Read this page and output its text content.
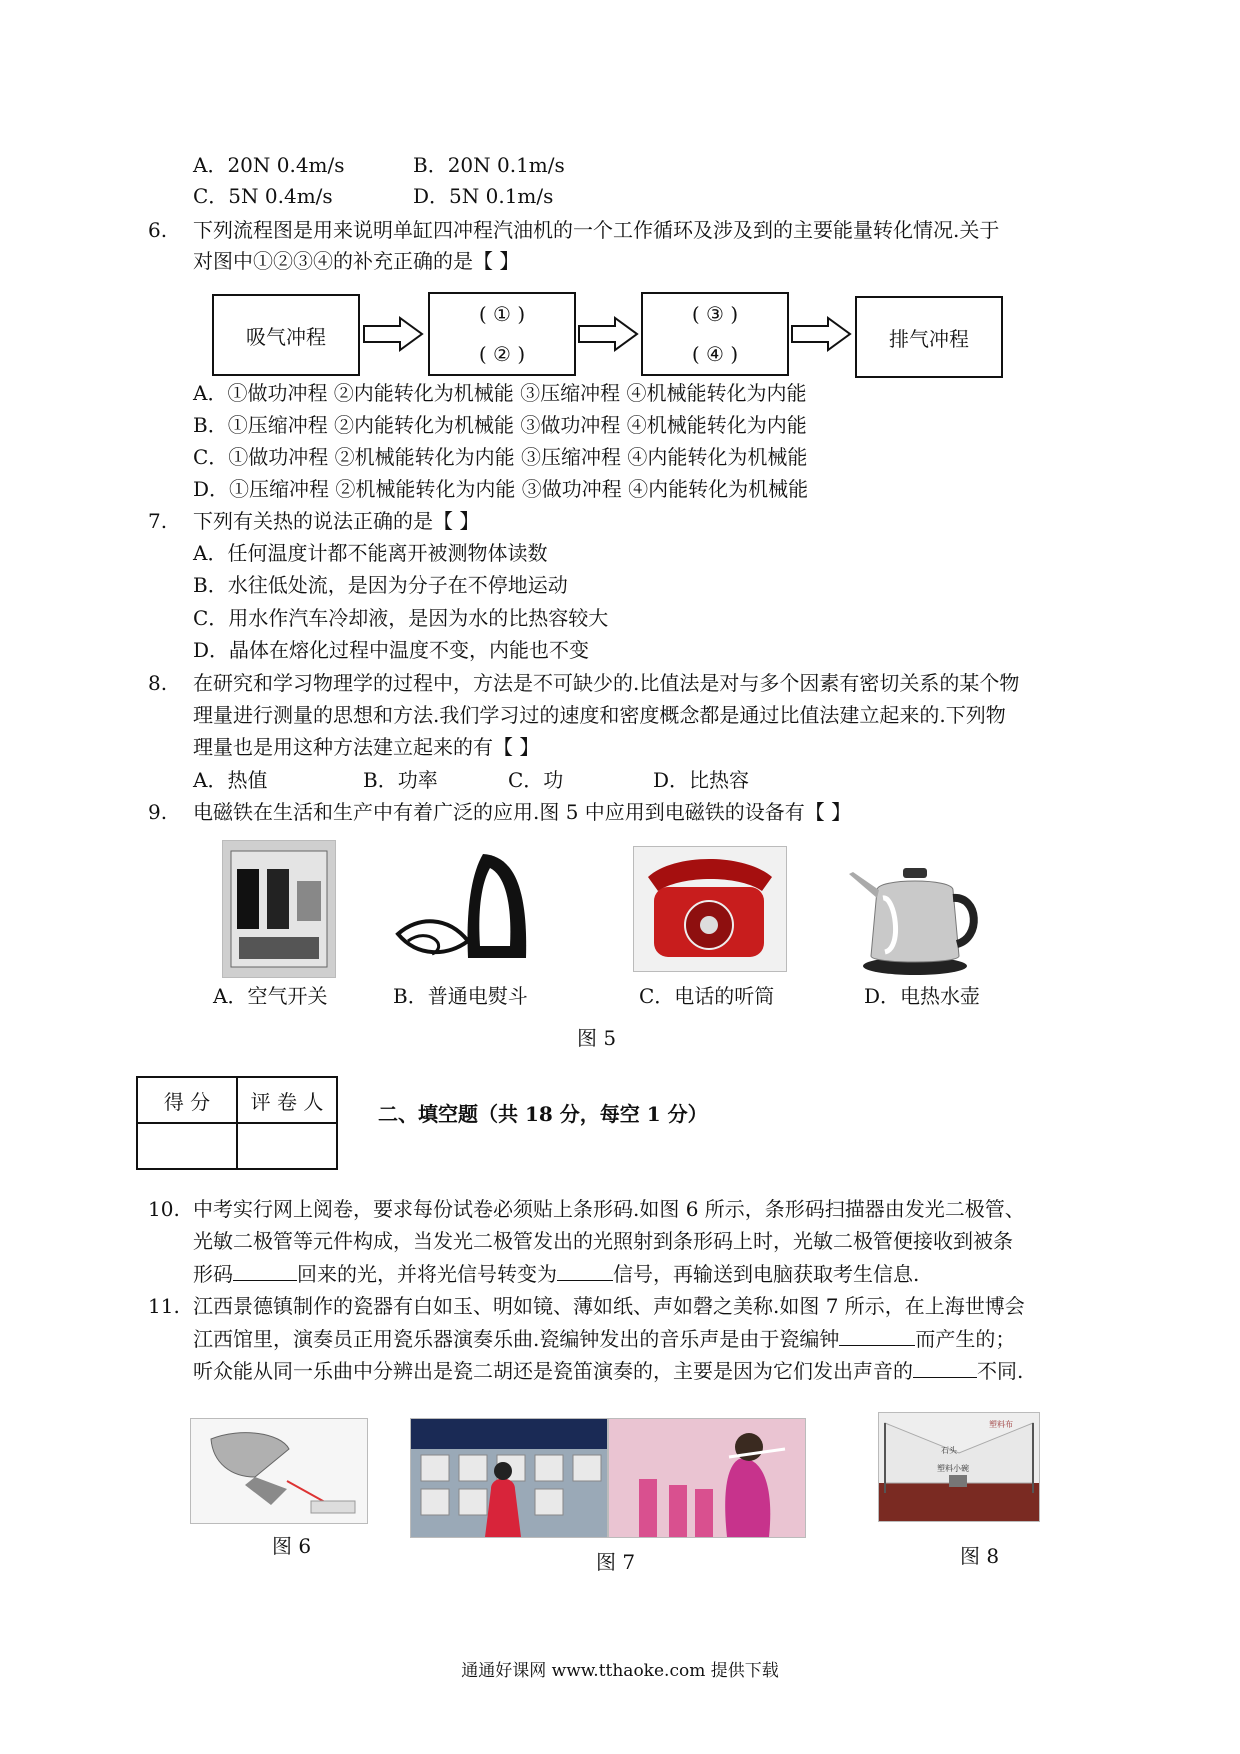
A．20N 0.4m/s	B．20N 0.1m/s
C．5N 0.4m/s	D．5N 0.1m/s
6. 下列流程图是用来说明单缸四冲程汽油机的一个工作循环及涉及到的主要能量转化情况.关于
对图中①②③④的补充正确的是【 】
吸气冲程
( ① )
( ② )
( ③ )
( ④ )
排气冲程
A．①做功冲程 ②内能转化为机械能 ③压缩冲程 ④机械能转化为内能
B．①压缩冲程 ②内能转化为机械能 ③做功冲程 ④机械能转化为内能
C．①做功冲程 ②机械能转化为内能 ③压缩冲程 ④内能转化为机械能
D．①压缩冲程 ②机械能转化为内能 ③做功冲程 ④内能转化为机械能
7. 下列有关热的说法正确的是【 】
A．任何温度计都不能离开被测物体读数
B．水往低处流，是因为分子在不停地运动
C．用水作汽车冷却液，是因为水的比热容较大
D．晶体在熔化过程中温度不变，内能也不变
8. 在研究和学习物理学的过程中，方法是不可缺少的.比值法是对与多个因素有密切关系的某个物
理量进行测量的思想和方法.我们学习过的速度和密度概念都是通过比值法建立起来的.下列物
理量也是用这种方法建立起来的有【 】
A．热值	B．功率	C．功	D．比热容
9. 电磁铁在生活和生产中有着广泛的应用.图 5 中应用到电磁铁的设备有【 】
A．空气开关	B．普通电熨斗	C．电话的听筒	D．电热水壶
图 5
得 分	评 卷 人

二、填空题（共 18 分，每空 1 分）
10. 中考实行网上阅卷，要求每份试卷必须贴上条形码.如图 6 所示，条形码扫描器由发光二极管、
光敏二极管等元件构成，当发光二极管发出的光照射到条形码上时，光敏二极管便接收到被条
形码	回来的光，并将光信号转变为	信号，再输送到电脑获取考生信息.
11. 江西景德镇制作的瓷器有白如玉、明如镜、薄如纸、声如磬之美称.如图 7 所示，在上海世博会
江西馆里，演奏员正用瓷乐器演奏乐曲.瓷编钟发出的音乐声是由于瓷编钟	而产生的；
听众能从同一乐曲中分辨出是瓷二胡还是瓷笛演奏的，主要是因为它们发出声音的	不同.
塑料布
石头
塑料小碗
图 6
图 7	图 8
通通好课网 www.tthaoke.com 提供下载
